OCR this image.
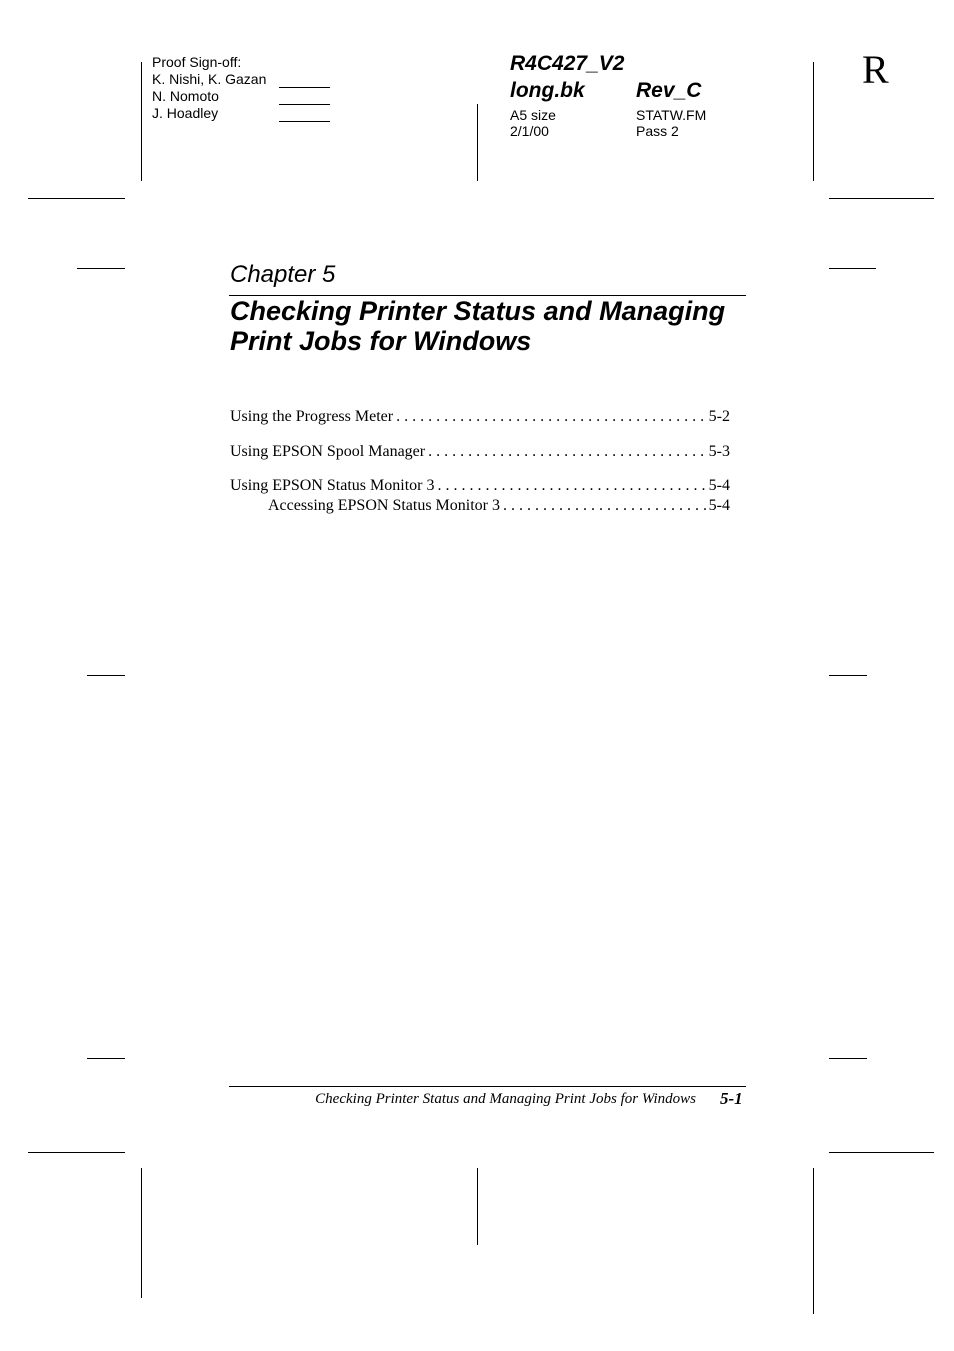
Proof Sign-off:
K. Nishi, K. Gazan
N. Nomoto
J. Hoadley
R4C427_V2
long.bk Rev_C
A5 size
2/1/00
STATW.FM
Pass 2
R
Chapter 5
Checking Printer Status and Managing
Print Jobs for Windows
Using the Progress Meter . . .	5-2
Using EPSON Spool Manager . . .	5-3
Using EPSON Status Monitor 3 . . .	5-4
Accessing EPSON Status Monitor 3 . . .	5-4
Checking Printer Status and Managing Print Jobs for Windows 5-1
